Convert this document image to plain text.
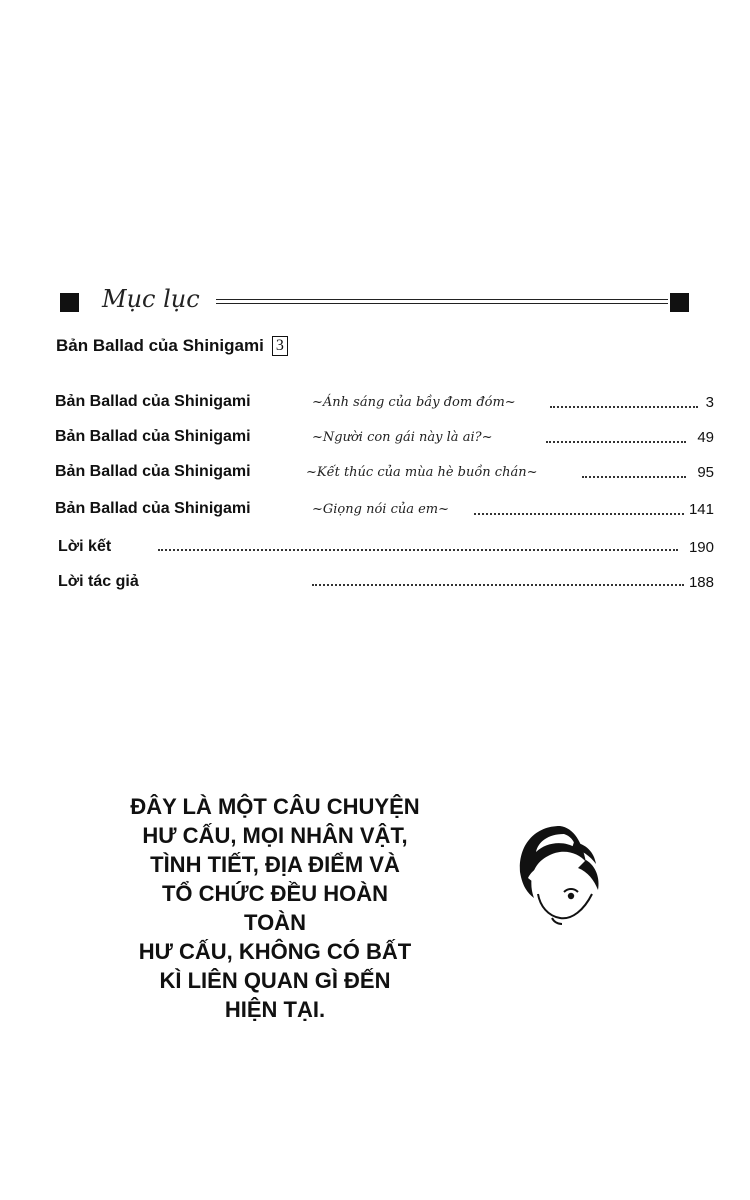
Mục lục
Bản Ballad của Shinigami 3
Bản Ballad của Shinigami	~Ánh sáng của bầy đom đóm~	3
Bản Ballad của Shinigami	~Người con gái này là ai?~	49
Bản Ballad của Shinigami	~Kết thúc của mùa hè buồn chán~	95
Bản Ballad của Shinigami	~Giọng nói của em~	141
Lời kết	190
Lời tác giả	188
ĐÂY LÀ MỘT CÂU CHUYỆN
HƯ CẤU, MỌI NHÂN VẬT,
TÌNH TIẾT, ĐỊA ĐIỂM VÀ
TỔ CHỨC ĐỀU HOÀN TOÀN
HƯ CẤU, KHÔNG CÓ BẤT
KÌ LIÊN QUAN GÌ ĐẾN
HIỆN TẠI.
